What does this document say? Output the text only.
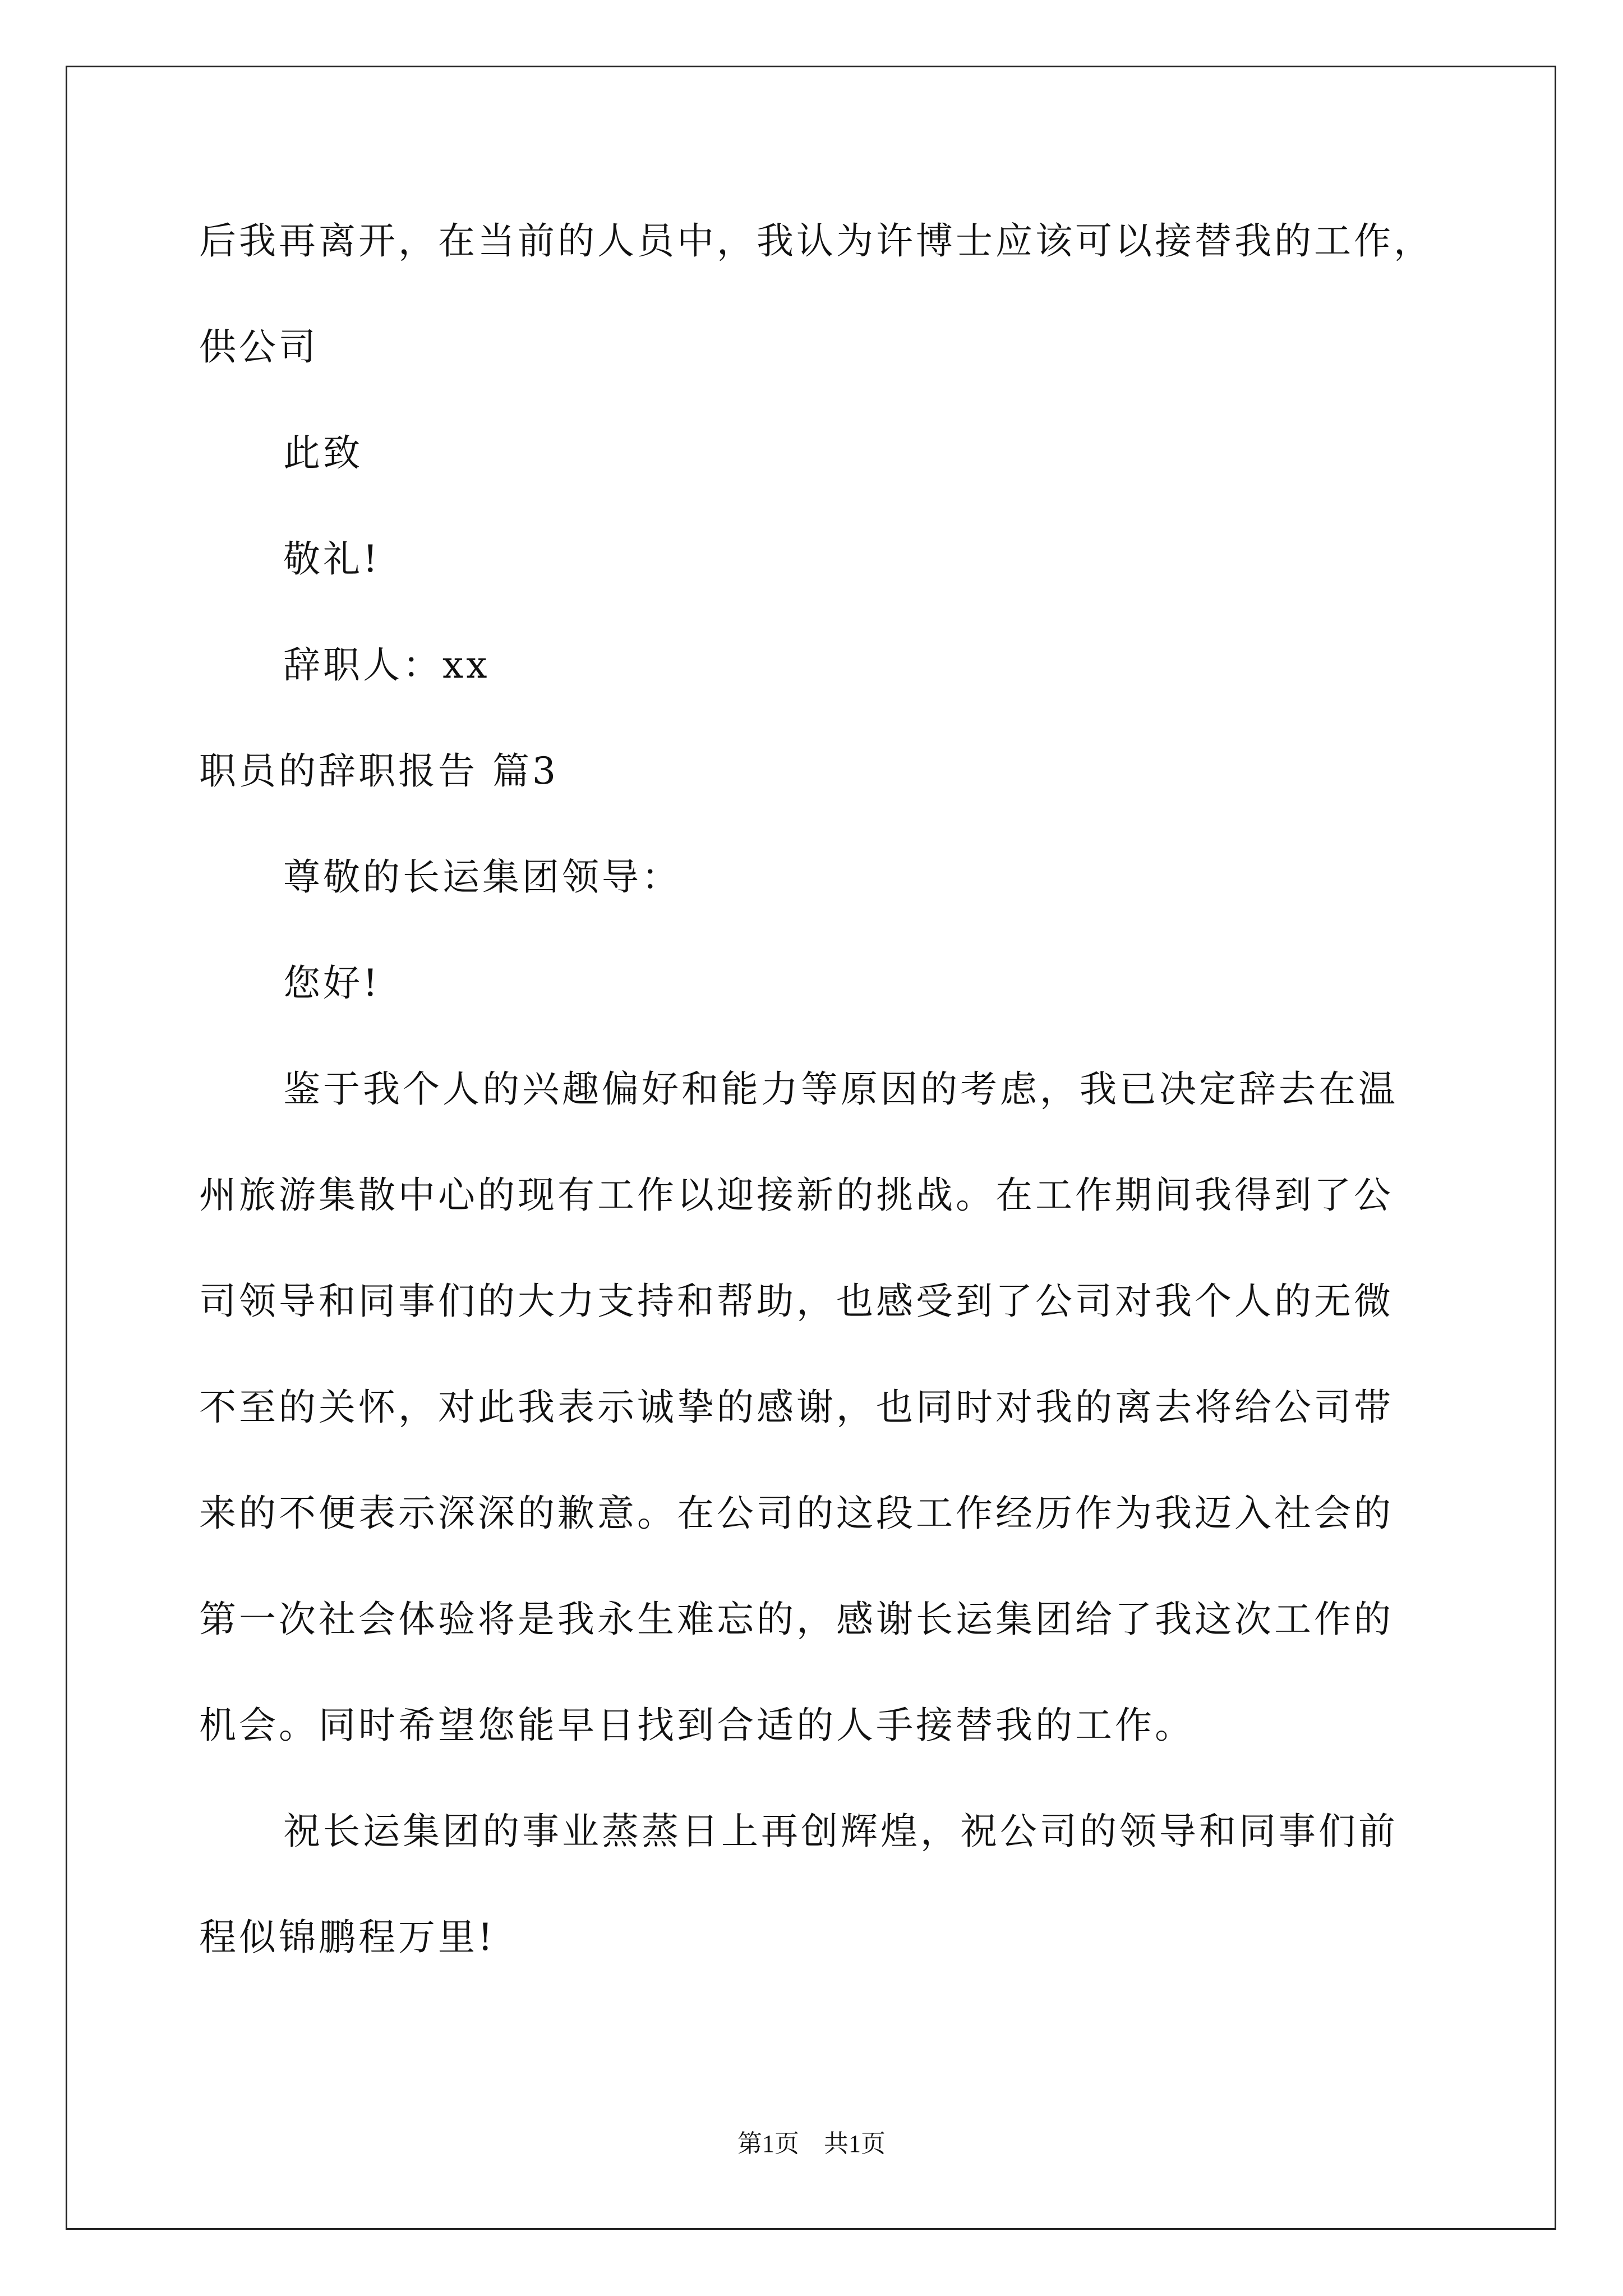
后我再离开，在当前的人员中，我认为许博士应该可以接替我的工作，
供公司
此致
敬礼!
辞职人：xx
职员的辞职报告 篇3
尊敬的长运集团领导：
您好!
鉴于我个人的兴趣偏好和能力等原因的考虑，我已决定辞去在温
州旅游集散中心的现有工作以迎接新的挑战。在工作期间我得到了公
司领导和同事们的大力支持和帮助，也感受到了公司对我个人的无微
不至的关怀，对此我表示诚挚的感谢，也同时对我的离去将给公司带
来的不便表示深深的歉意。在公司的这段工作经历作为我迈入社会的
第一次社会体验将是我永生难忘的，感谢长运集团给了我这次工作的
机会。同时希望您能早日找到合适的人手接替我的工作。
祝长运集团的事业蒸蒸日上再创辉煌，祝公司的领导和同事们前
程似锦鹏程万里!
第1页　共1页
